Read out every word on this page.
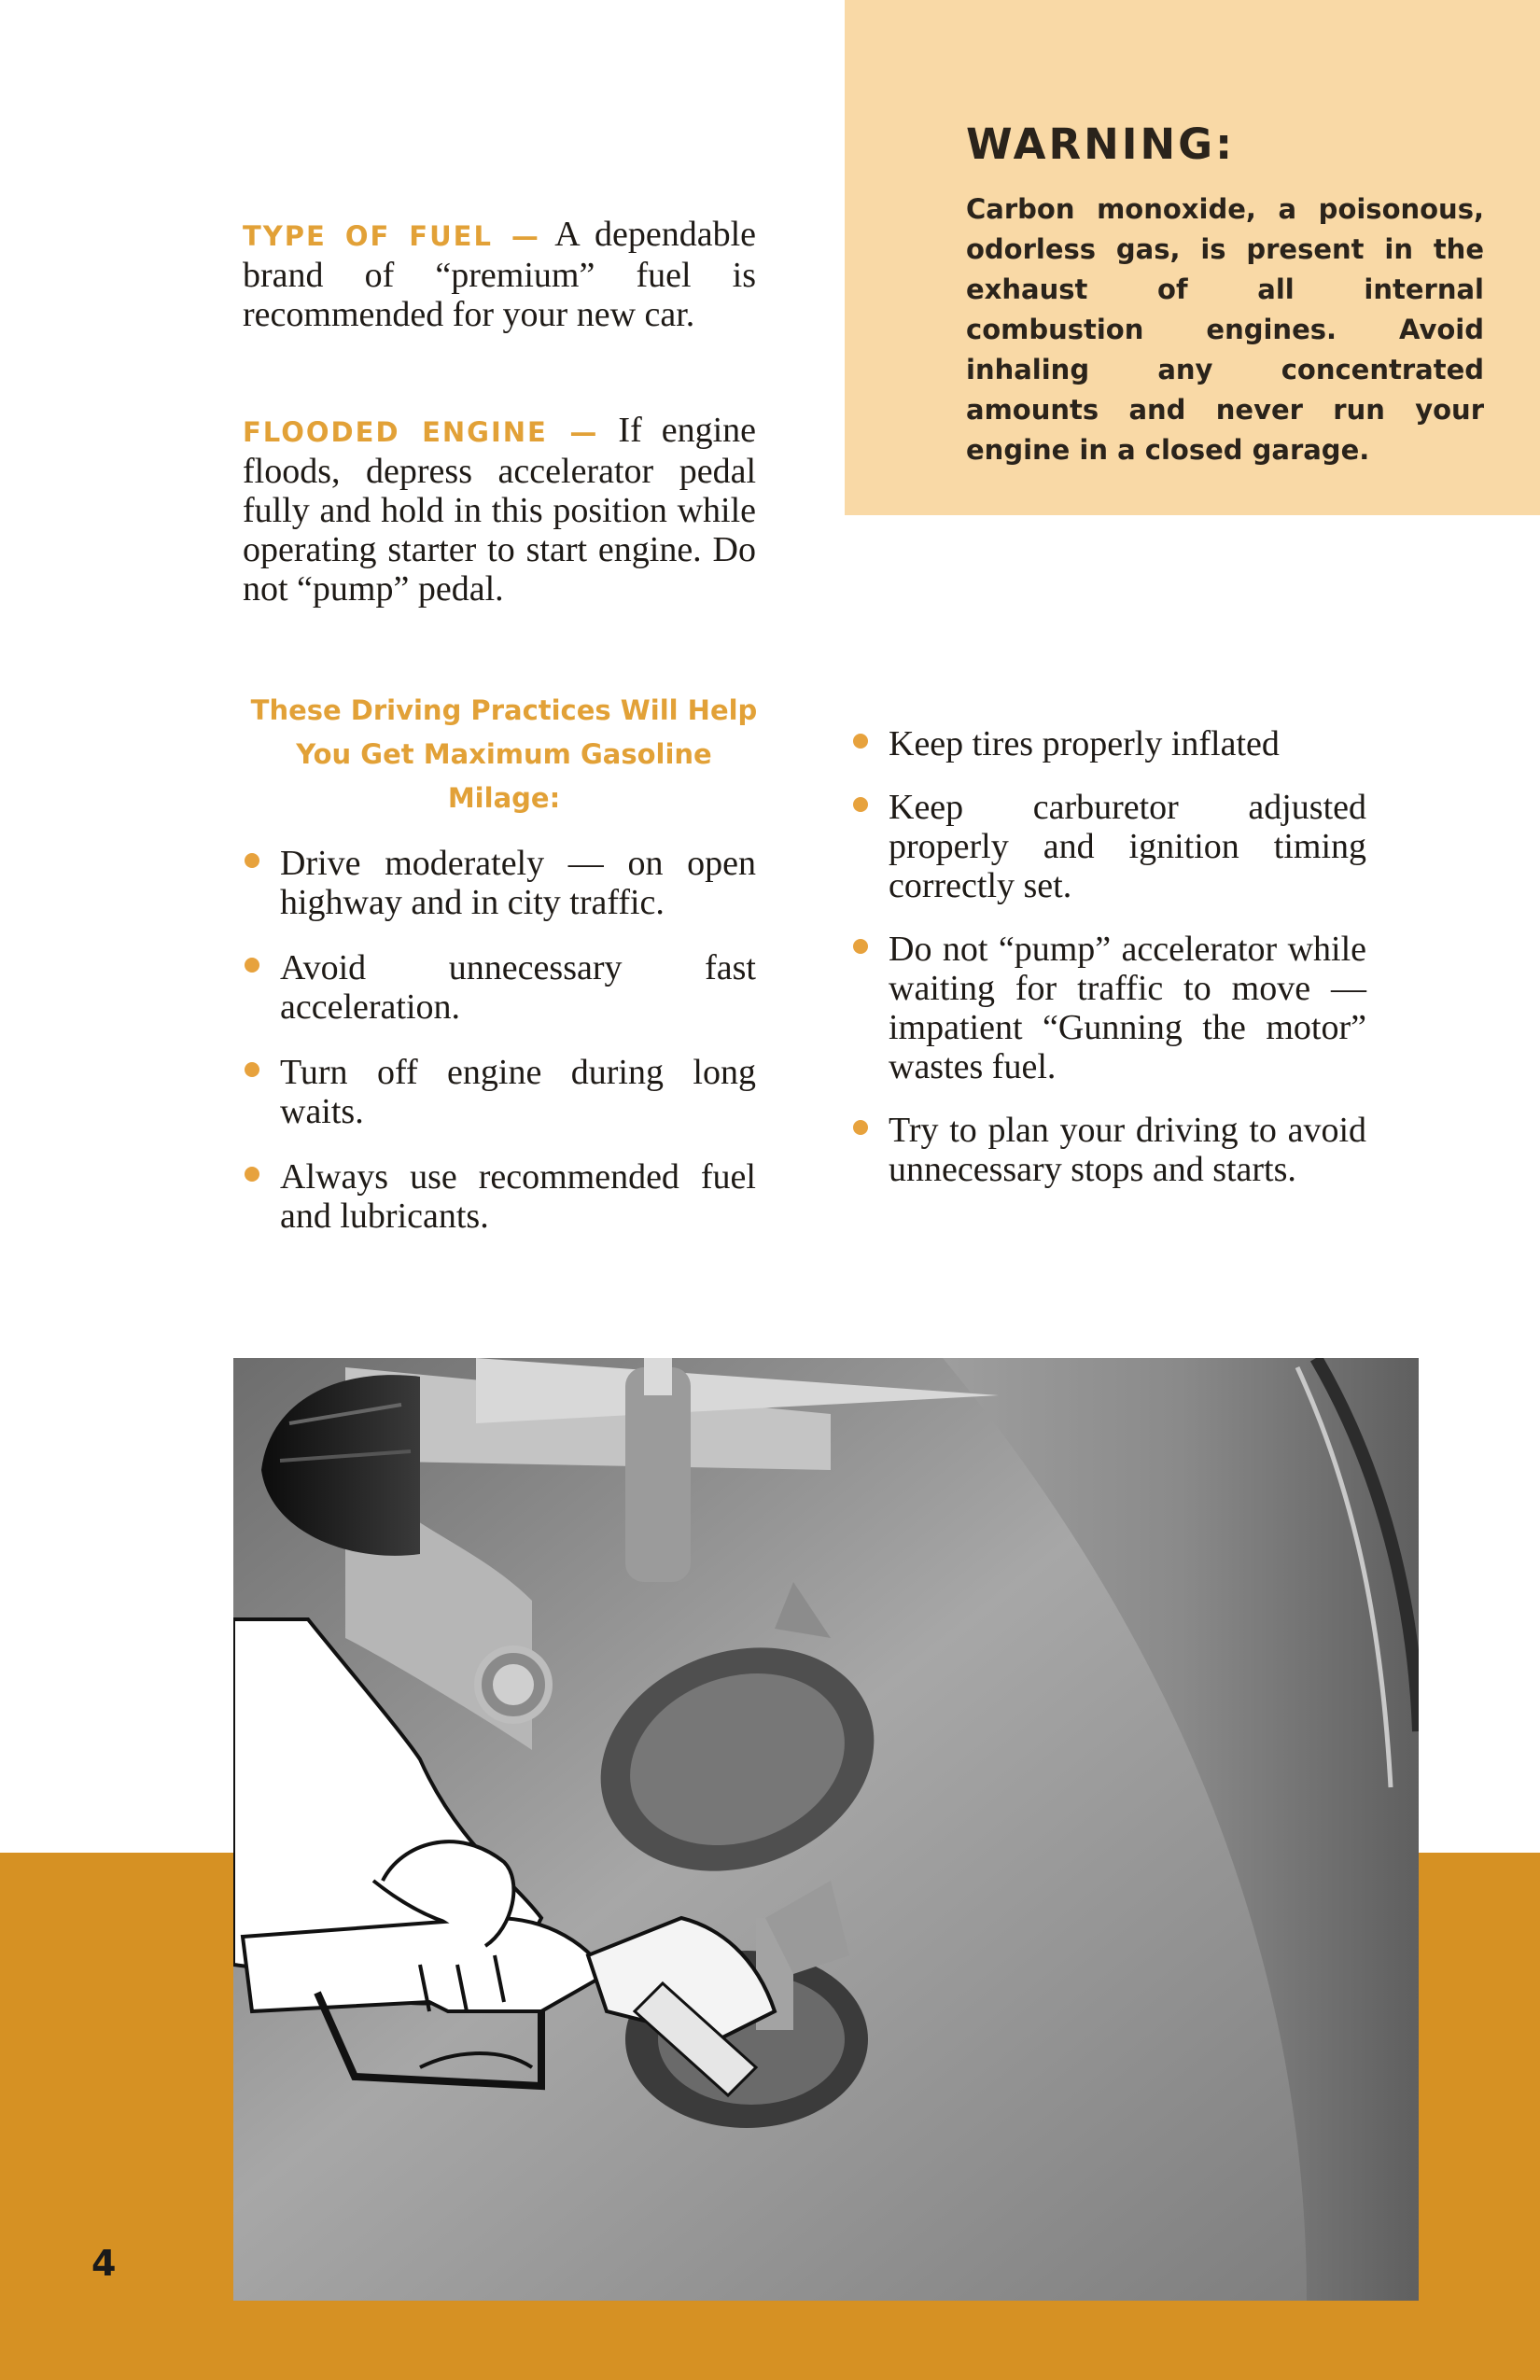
WARNING:
Carbon monoxide, a poisonous, odorless gas, is present in the exhaust of all internal combustion engines. Avoid inhaling any concentrated amounts and never run your engine in a closed garage.
TYPE OF FUEL — A dependable brand of “premium” fuel is recommended for your new car.
FLOODED ENGINE — If engine floods, depress accelerator pedal fully and hold in this position while operating starter to start engine. Do not “pump” pedal.
These Driving Practices Will Help You Get Maximum Gasoline Milage:
Drive moderately — on open highway and in city traffic.
Avoid unnecessary fast acceleration.
Turn off engine during long waits.
Always use recommended fuel and lubricants.
Keep tires properly inflated
Keep carburetor adjusted properly and ignition timing correctly set.
Do not “pump” accelerator while waiting for traffic to move — impatient “Gunning the motor” wastes fuel.
Try to plan your driving to avoid unnecessary stops and starts.
4
